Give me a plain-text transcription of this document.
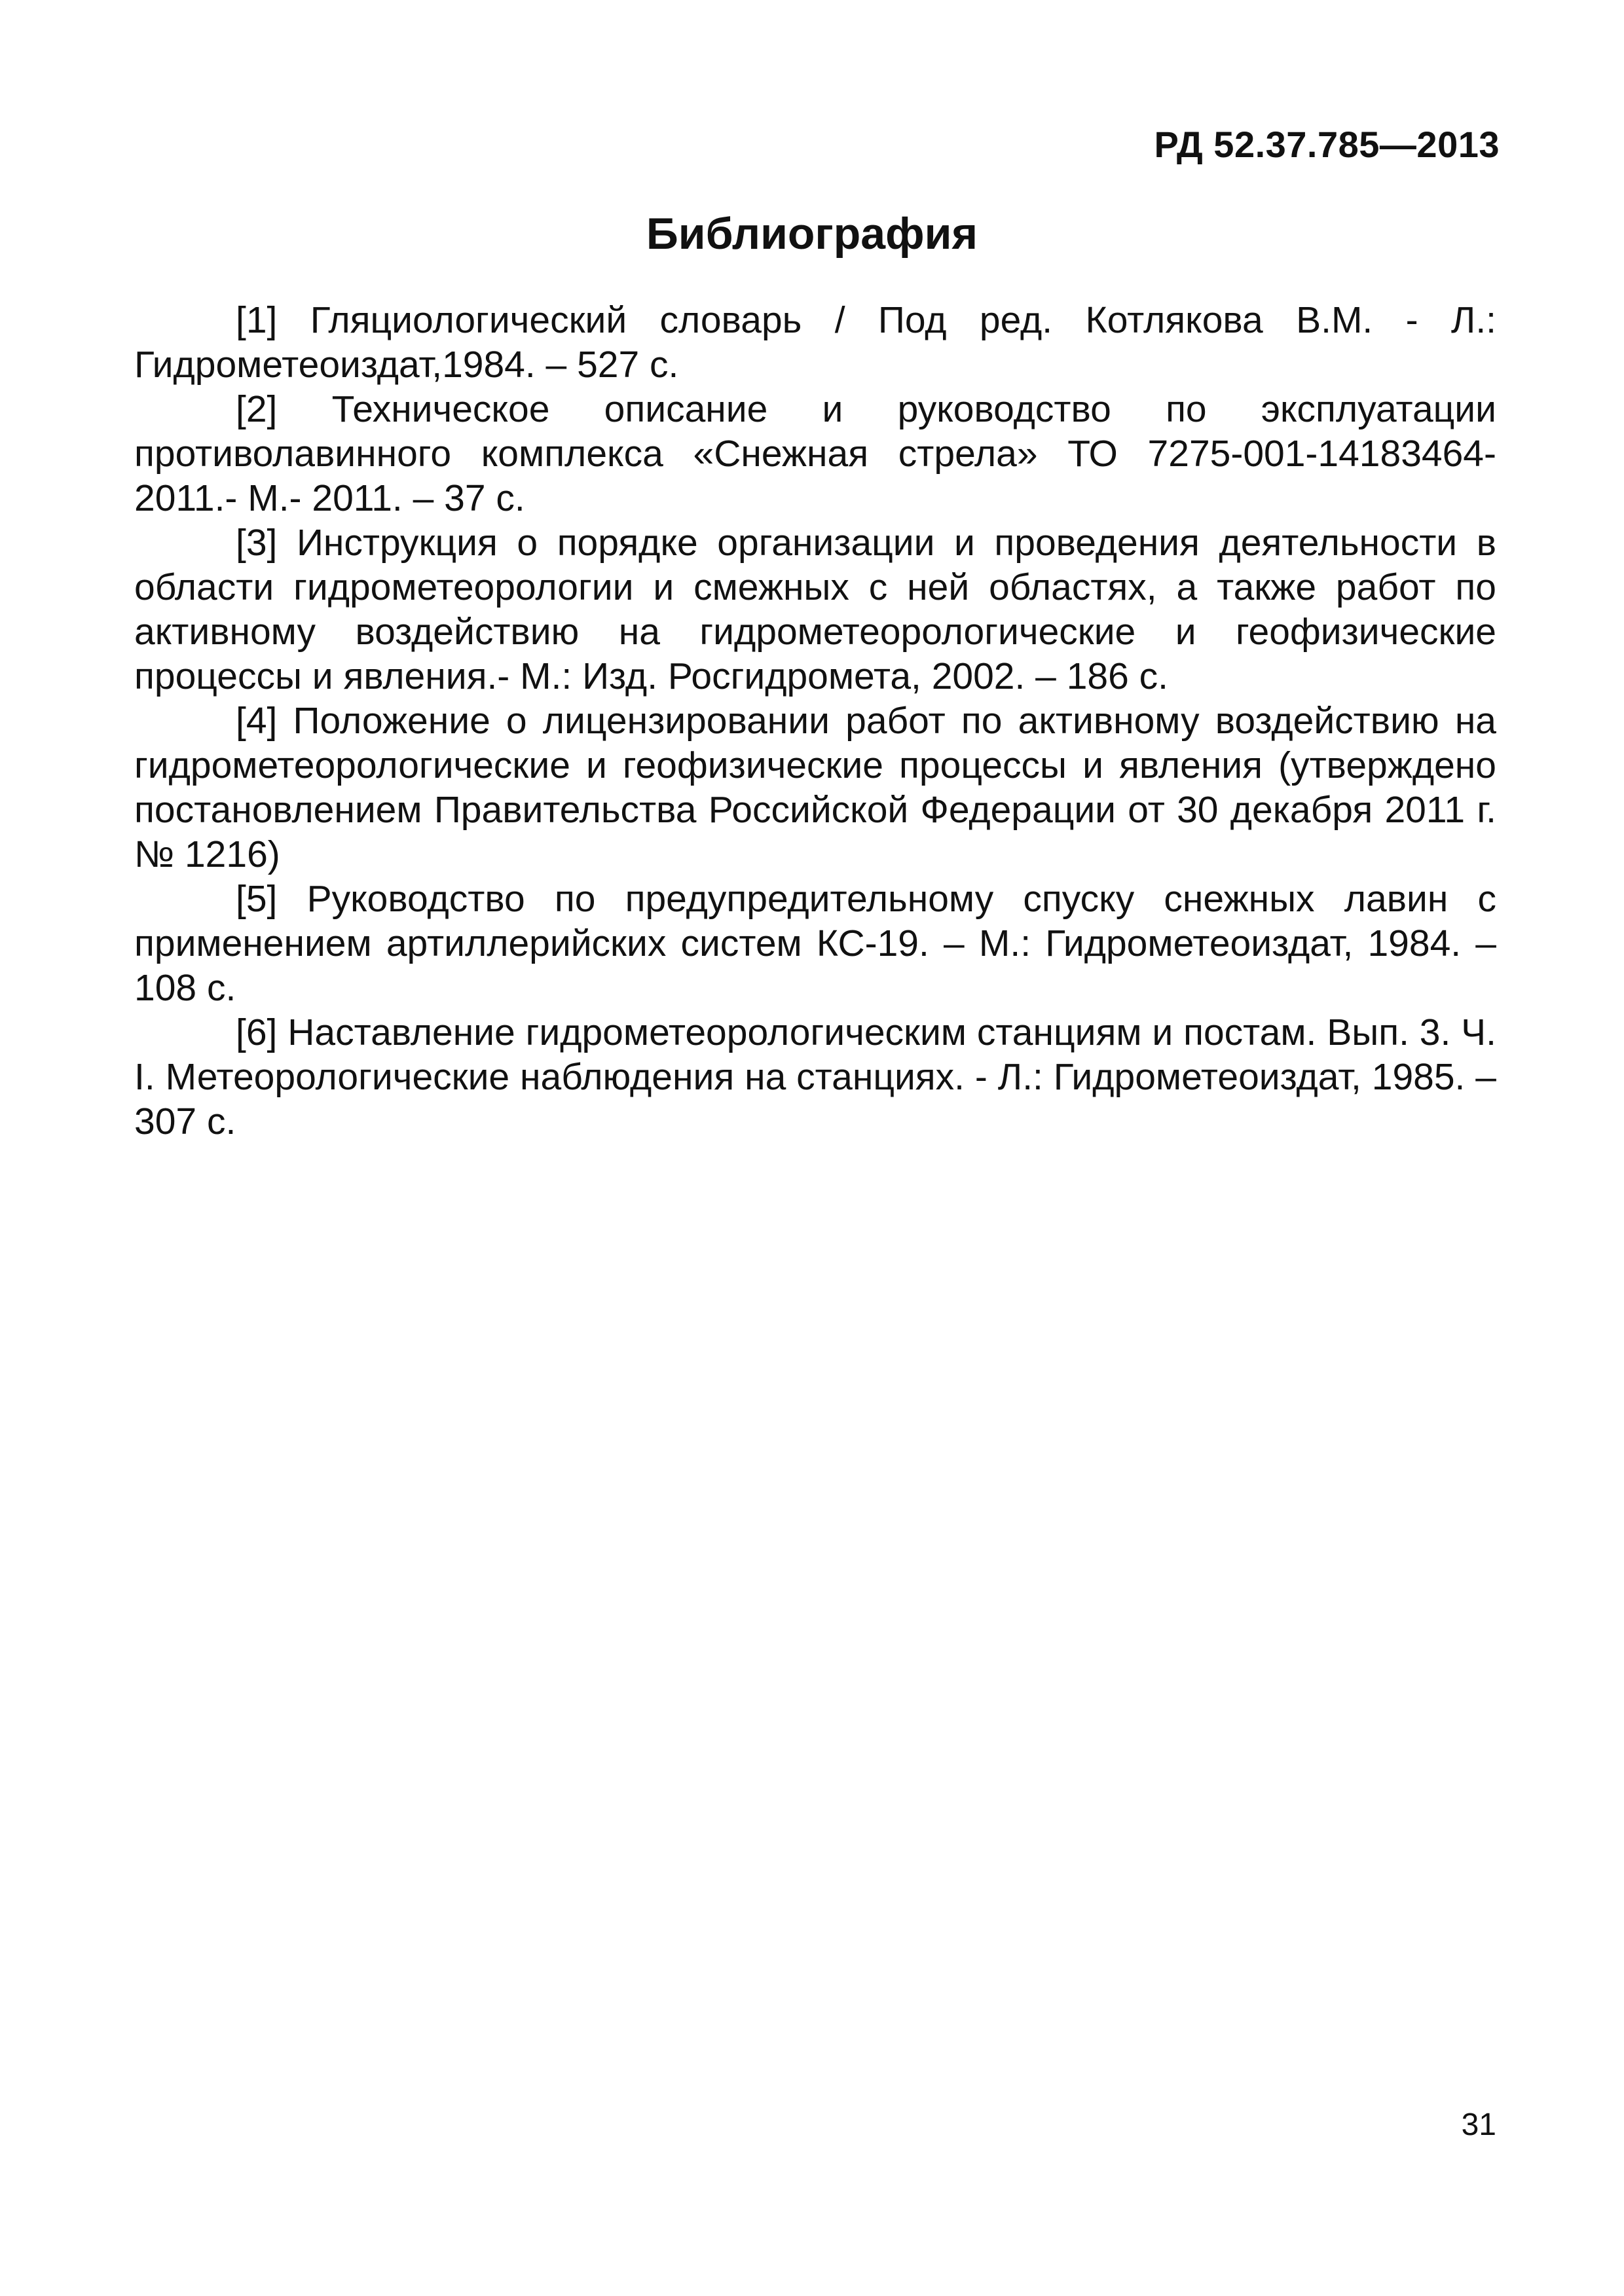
РД 52.37.785—2013
Библиография

[1] Гляциологический словарь / Под ред. Котлякова В.М. - Л.: Гидрометеоиздат,1984. – 527 с.

[2] Техническое описание и руководство по эксплуатации противолавинного комплекса «Снежная стрела» ТО 7275-001-14183464-2011.- М.- 2011. – 37 с.

[3] Инструкция о порядке организации и проведения деятельности в области гидрометеорологии и смежных с ней областях, а также работ по активному воздействию на гидрометеорологические и геофизические процессы и явления.- М.: Изд. Росгидромета, 2002. – 186 с.

[4] Положение о лицензировании работ по активному воздействию на гидрометеорологические и геофизические процессы и явления (утверждено постановлением Правительства Российской Федерации от 30 декабря 2011 г. № 1216)

[5] Руководство по предупредительному спуску снежных лавин с применением артиллерийских систем КС-19. – М.: Гидрометеоиздат, 1984. – 108 с.

[6] Наставление гидрометеорологическим станциям и постам. Вып. 3. Ч. I. Метеорологические наблюдения на станциях. - Л.: Гидрометеоиздат, 1985. – 307 с.

31
